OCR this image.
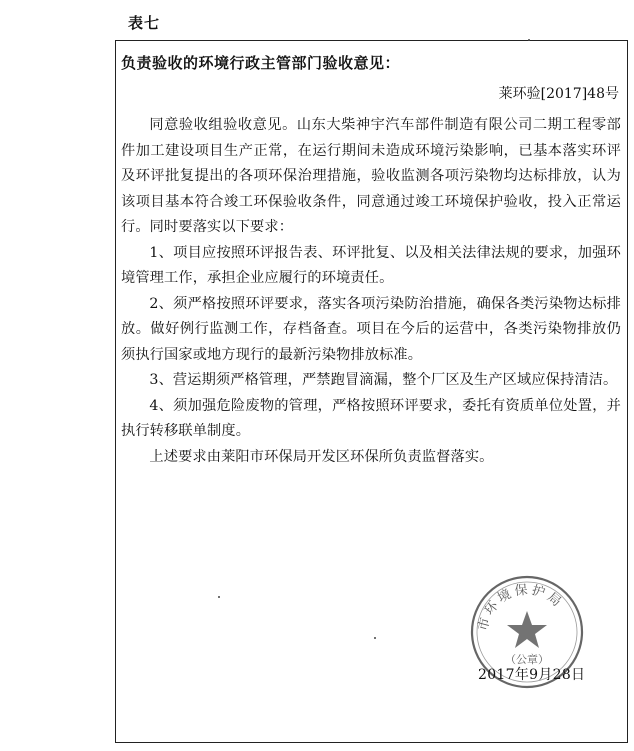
表七
负责验收的环境行政主管部门验收意见：
莱环验[2017]48号

同意验收组验收意见。山东大柴神宇汽车部件制造有限公司二期工程零部件加工建设项目生产正常，在运行期间未造成环境污染影响，已基本落实环评及环评批复提出的各项环保治理措施，验收监测各项污染物均达标排放，认为该项目基本符合竣工环保验收条件，同意通过竣工环境保护验收，投入正常运行。同时要落实以下要求：

1、项目应按照环评报告表、环评批复、以及相关法律法规的要求，加强环境管理工作，承担企业应履行的环境责任。

2、须严格按照环评要求，落实各项污染防治措施，确保各类污染物达标排放。做好例行监测工作，存档备查。项目在今后的运营中，各类污染物排放仍须执行国家或地方现行的最新污染物排放标准。

3、营运期须严格管理，严禁跑冒滴漏，整个厂区及生产区域应保持清洁。

4、须加强危险废物的管理，严格按照环评要求，委托有资质单位处置，并执行转移联单制度。

上述要求由莱阳市环保局开发区环保所负责监督落实。

市环境保护局
（公章）
2017年9月28日
